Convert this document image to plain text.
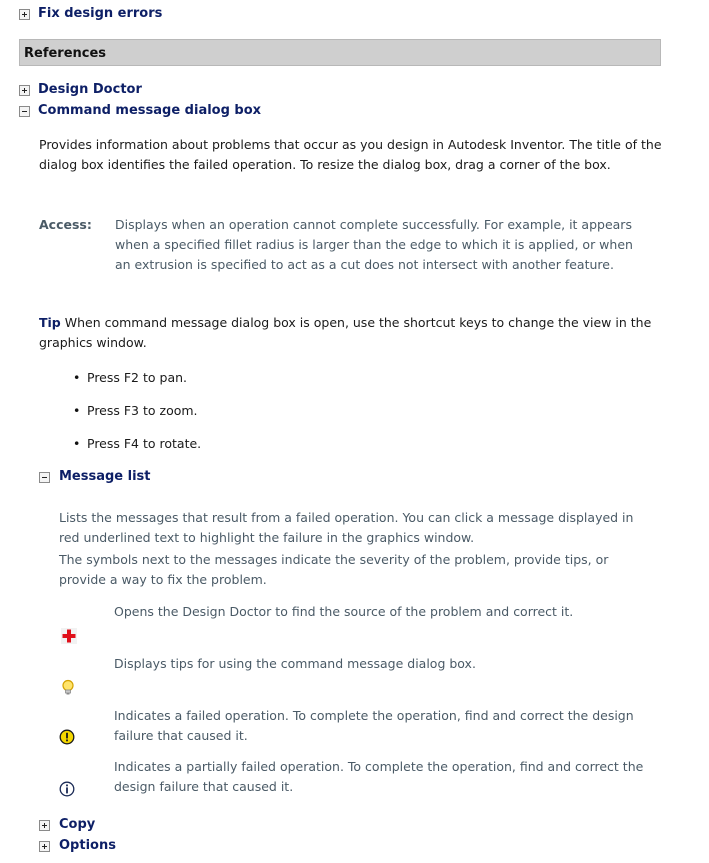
Fix design errors
References
Design Doctor
Command message dialog box
Provides information about problems that occur as you design in Autodesk Inventor. The title of the dialog box identifies the failed operation. To resize the dialog box, drag a corner of the box.
Access: Displays when an operation cannot complete successfully. For example, it appears when a specified fillet radius is larger than the edge to which it is applied, or when an extrusion is specified to act as a cut does not intersect with another feature.
Tip When command message dialog box is open, use the shortcut keys to change the view in the graphics window.
• Press F2 to pan.
• Press F3 to zoom.
• Press F4 to rotate.
Message list
Lists the messages that result from a failed operation. You can click a message displayed in red underlined text to highlight the failure in the graphics window.
The symbols next to the messages indicate the severity of the problem, provide tips, or provide a way to fix the problem.
Opens the Design Doctor to find the source of the problem and correct it.
Displays tips for using the command message dialog box.
Indicates a failed operation. To complete the operation, find and correct the design failure that caused it.
Indicates a partially failed operation. To complete the operation, find and correct the design failure that caused it.
Copy
Options
